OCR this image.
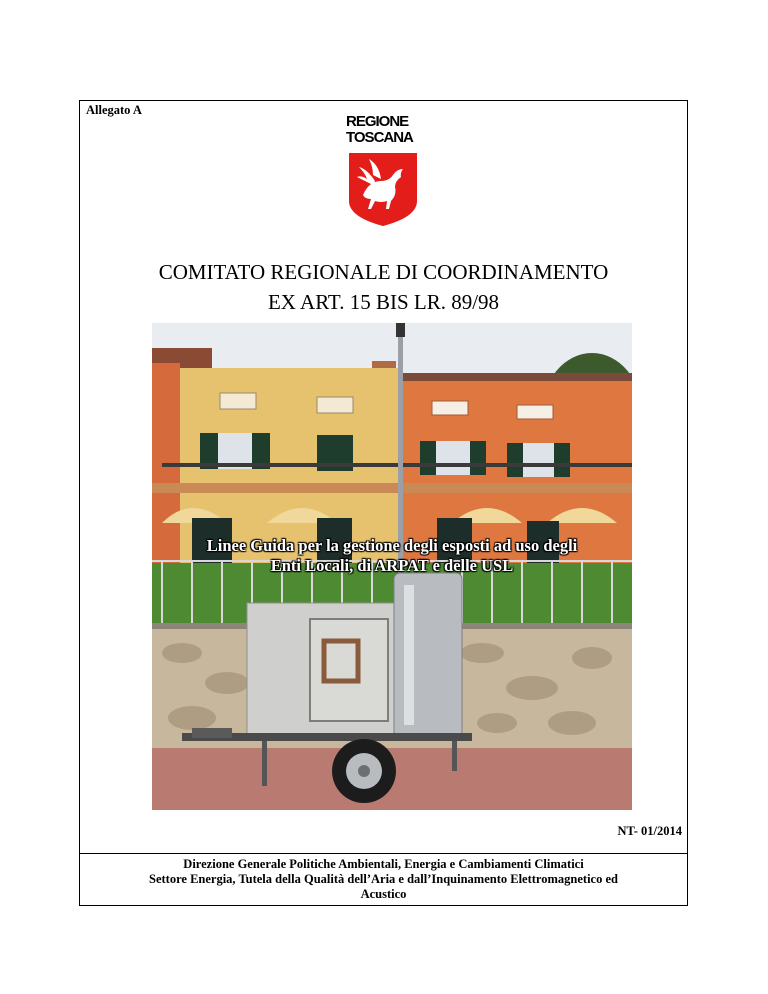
Allegato A
REGIONE
TOSCANA
COMITATO REGIONALE DI COORDINAMENTO
EX ART. 15 BIS LR. 89/98
Linee Guida per la gestione degli esposti ad uso degli
Enti Locali, di ARPAT e delle USL
NT- 01/2014
Direzione Generale Politiche Ambientali, Energia e Cambiamenti Climatici
Settore Energia, Tutela della Qualità dell’Aria e dall’Inquinamento Elettromagnetico ed
Acustico
